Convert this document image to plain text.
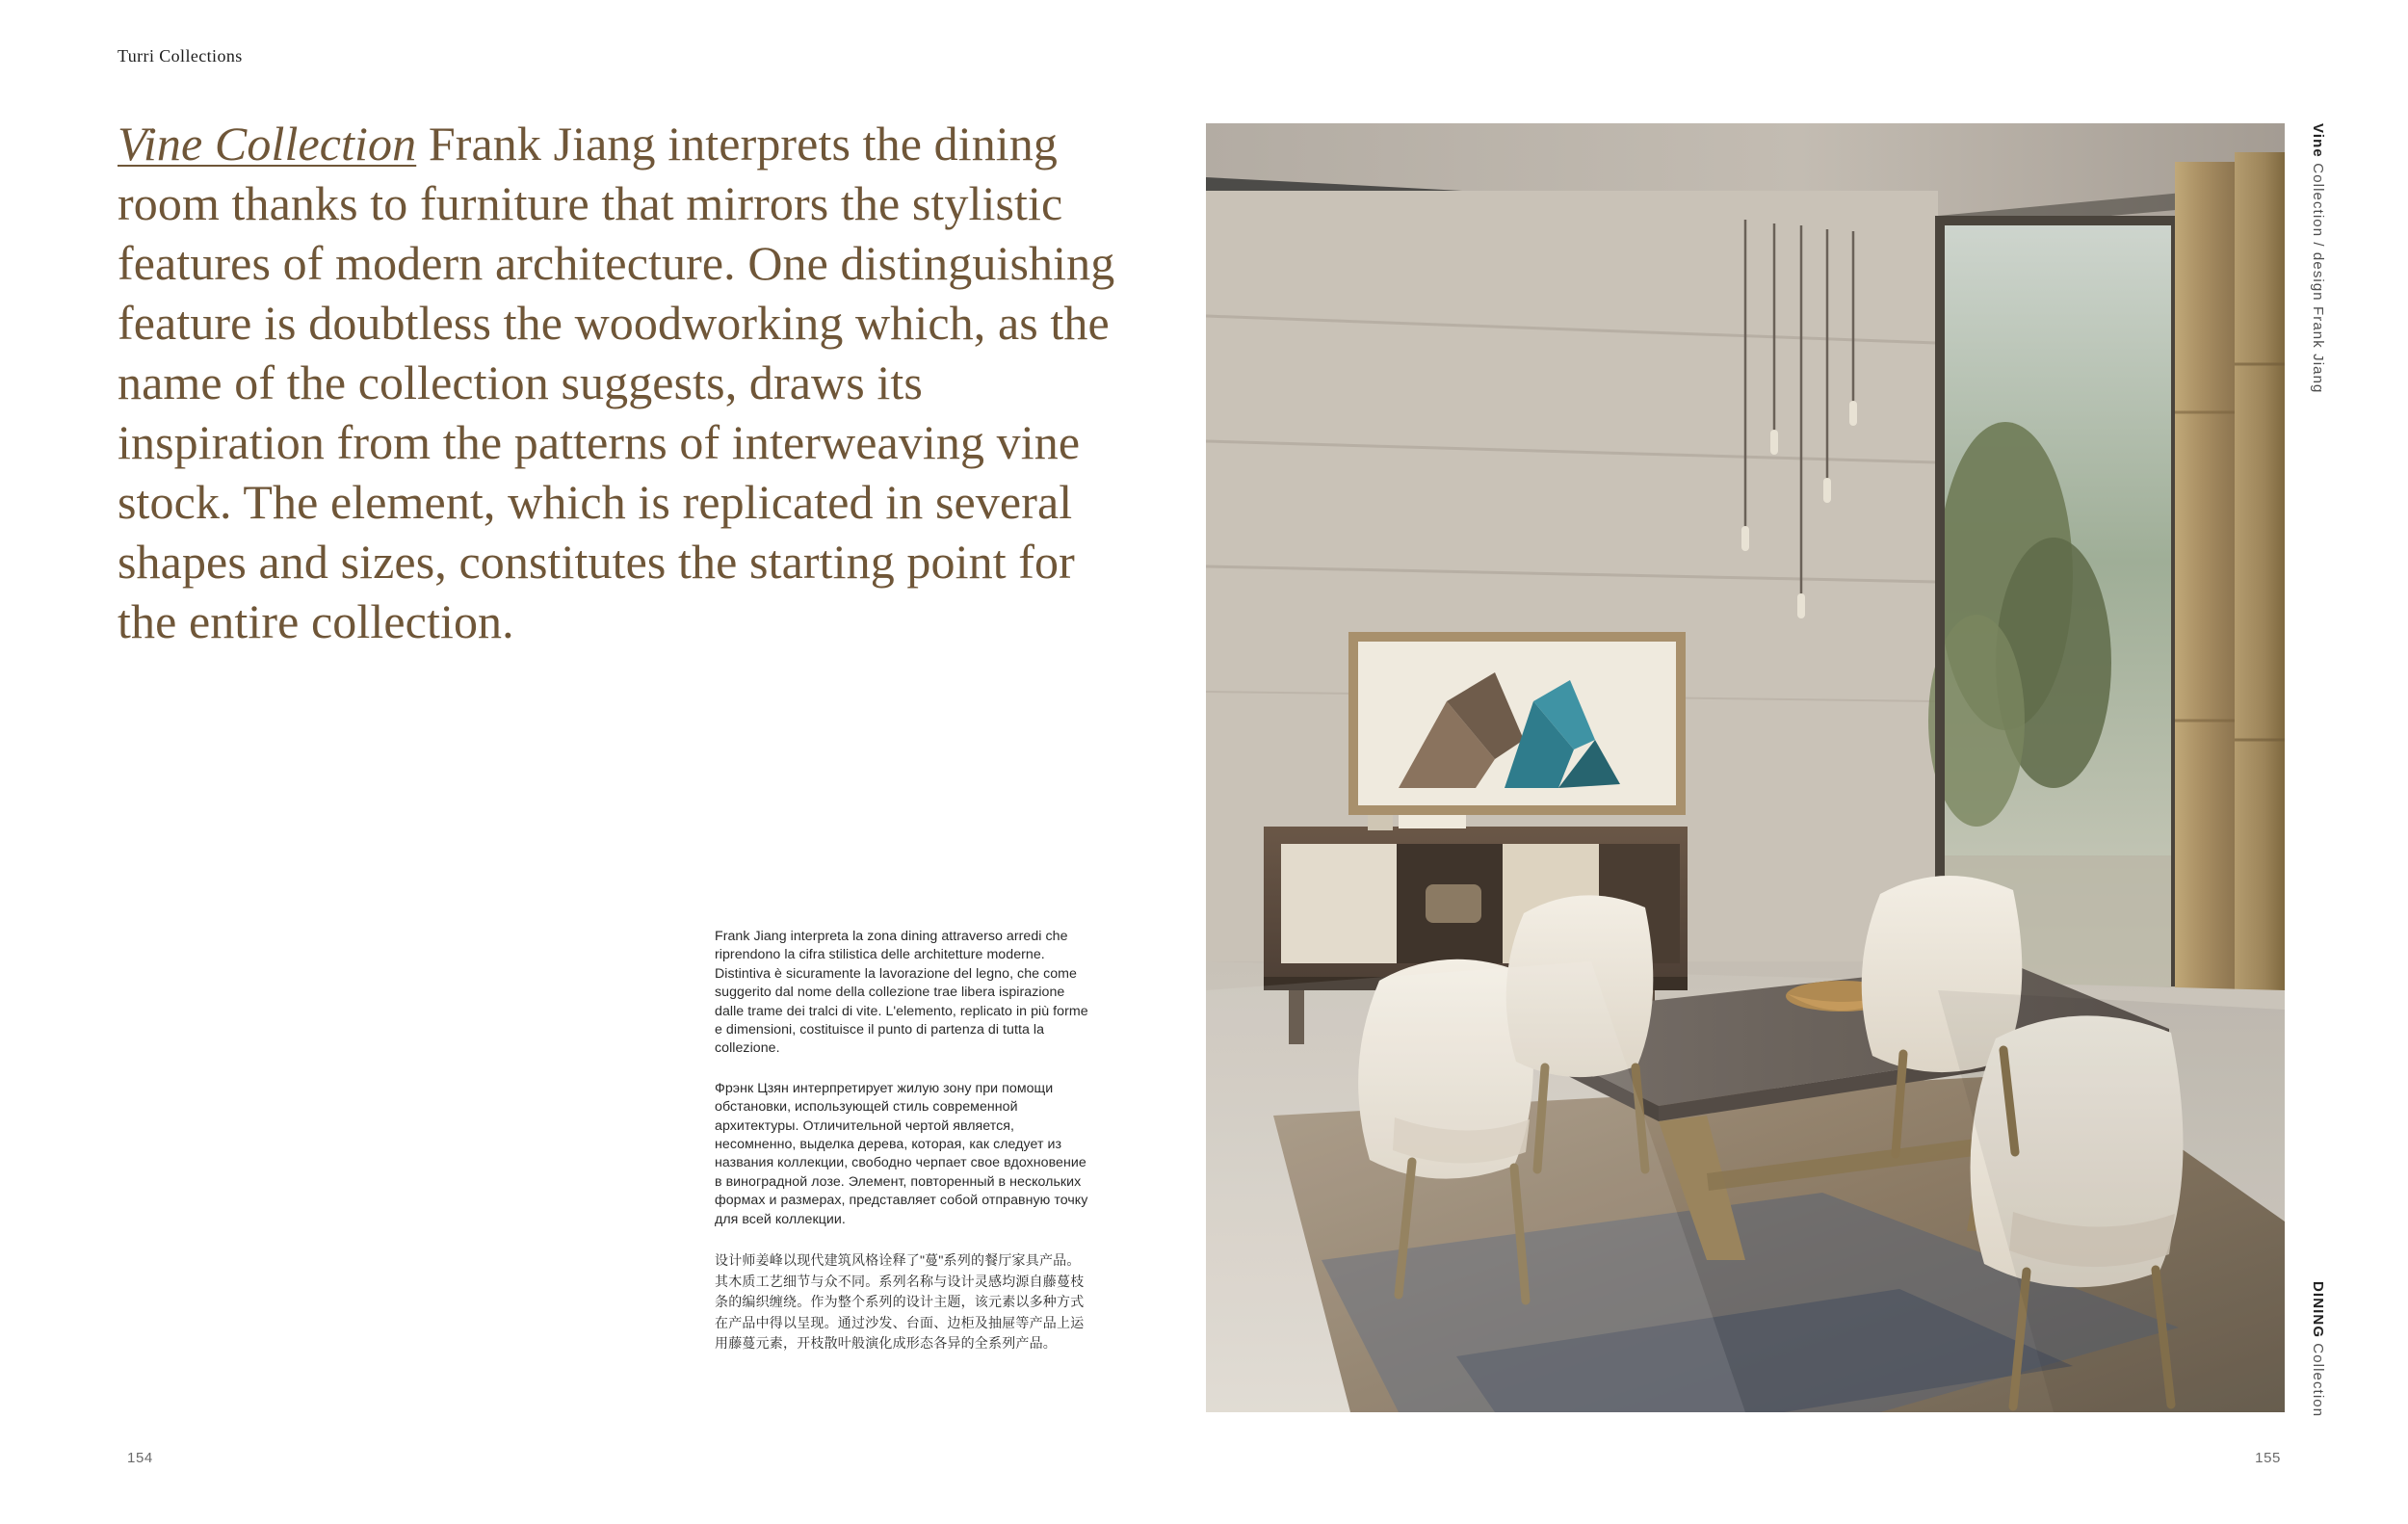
Turri Collections
Vine Collection Frank Jiang interprets the dining room thanks to furniture that mirrors the stylistic features of modern architecture. One distinguishing feature is doubtless the woodworking which, as the name of the collection suggests, draws its inspiration from the patterns of interweaving vine stock. The element, which is replicated in several shapes and sizes, constitutes the starting point for the entire collection.

Frank Jiang interpreta la zona dining attraverso arredi che riprendono la cifra stilistica delle architetture moderne. Distintiva è sicuramente la lavorazione del legno, che come suggerito dal nome della collezione trae libera ispirazione dalle trame dei tralci di vite. L'elemento, replicato in più forme e dimensioni, costituisce il punto di partenza di tutta la collezione.

Фрэнк Цзян интерпретирует жилую зону при помощи обстановки, использующей стиль современной архитектуры. Отличительной чертой является, несомненно, выделка дерева, которая, как следует из названия коллекции, свободно черпает свое вдохновение в виноградной лозе. Элемент, повторенный в нескольких формах и размерах, представляет собой отправную точку для всей коллекции.

设计师姜峰以现代建筑风格诠释了"蔓"系列的餐厅家具产品。其木质工艺细节与众不同。系列名称与设计灵感均源自藤蔓枝条的编织缠绕。作为整个系列的设计主题，该元素以多种方式在产品中得以呈现。通过沙发、台面、边柜及抽屉等产品上运用藤蔓元素，开枝散叶般演化成形态各异的全系列产品。

154	155
Vine Collection / design Frank Jiang
DINING Collection
